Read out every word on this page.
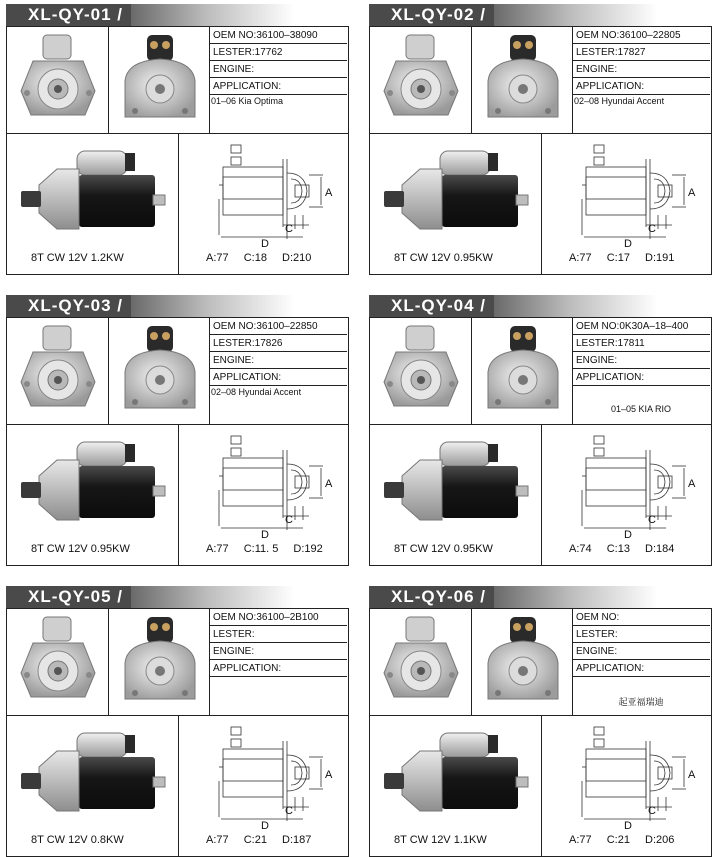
XL-QY-01 /
OEM NO:36100–38090
LESTER:17762
ENGINE:
APPLICATION:
01–06 Kia Optima
A
C
D
8T CW 12V 1.2KW	A:77 C:18 D:210
XL-QY-02 /
OEM NO:36100–22805
LESTER:17827
ENGINE:
APPLICATION:
02–08 Hyundai Accent
A
C
D
8T CW 12V 0.95KW	A:77 C:17 D:191
XL-QY-03 /
OEM NO:36100–22850
LESTER:17826
ENGINE:
APPLICATION:
02–08 Hyundai Accent
A
C
D
8T CW 12V 0.95KW	A:77 C:11. 5 D:192
XL-QY-04 /
OEM NO:0K30A–18–400
LESTER:17811
ENGINE:
APPLICATION:
01–05 KIA RIO
A
C
D
8T CW 12V 0.95KW	A:74 C:13 D:184
XL-QY-05 /
OEM NO:36100–2B100
LESTER:
ENGINE:
APPLICATION:
A
C
D
8T CW 12V 0.8KW	A:77 C:21 D:187
XL-QY-06 /
OEM NO:
LESTER:
ENGINE:
APPLICATION:
起亚福瑞迪
A
C
D
8T CW 12V 1.1KW	A:77 C:21 D:206
